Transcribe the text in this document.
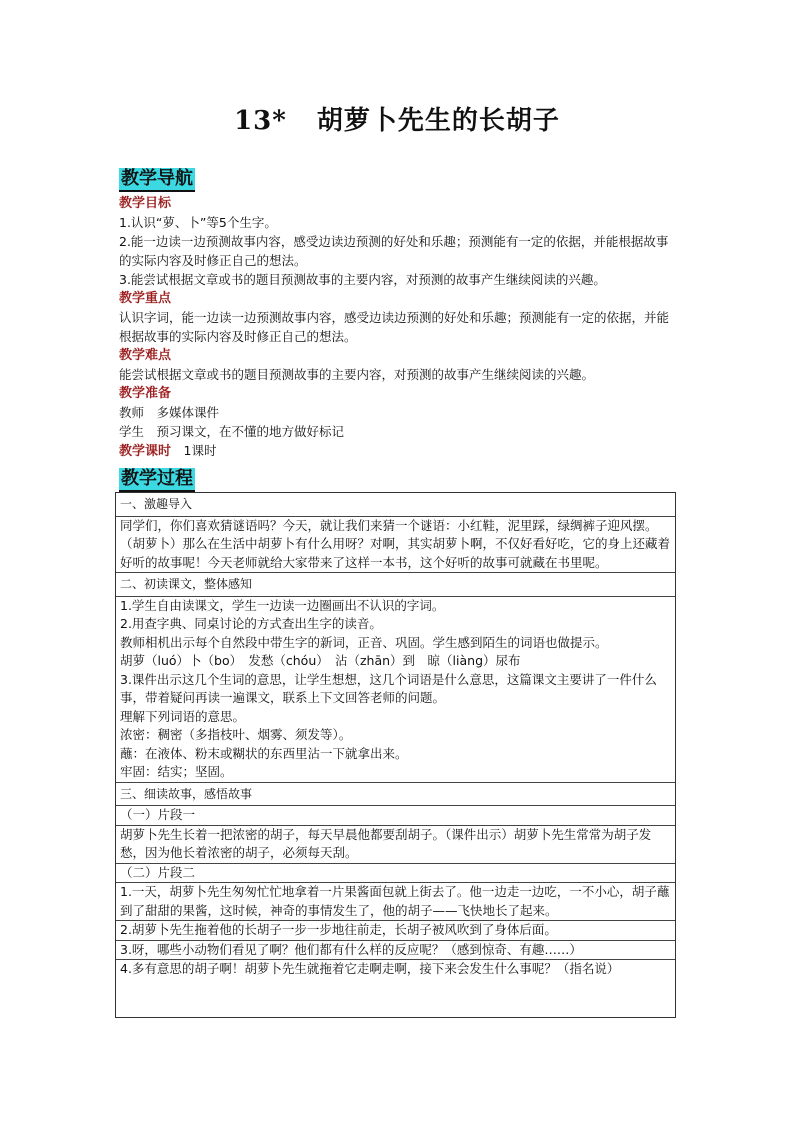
13* 胡萝卜先生的长胡子
教学导航
教学目标

1.认识“萝、卜”等5个生字。

2.能一边读一边预测故事内容，感受边读边预测的好处和乐趣；预测能有一定的依据，并能根据故事的实际内容及时修正自己的想法。

3.能尝试根据文章或书的题目预测故事的主要内容，对预测的故事产生继续阅读的兴趣。

教学重点

认识字词，能一边读一边预测故事内容，感受边读边预测的好处和乐趣；预测能有一定的依据，并能根据故事的实际内容及时修正自己的想法。

教学难点

能尝试根据文章或书的题目预测故事的主要内容，对预测的故事产生继续阅读的兴趣。

教学准备

教师　多媒体课件

学生　预习课文，在不懂的地方做好标记

教学课时　 1课时

教学过程
一、激趣导入

同学们，你们喜欢猜谜语吗？今天，就让我们来猜一个谜语：小红鞋，泥里踩，绿绸裤子迎风摆。（胡萝卜）那么在生活中胡萝卜有什么用呀？对啊，其实胡萝卜啊，不仅好看好吃，它的身上还藏着好听的故事呢！今天老师就给大家带来了这样一本书，这个好听的故事可就藏在书里呢。

二、初读课文，整体感知

1.学生自由读课文，学生一边读一边圈画出不认识的字词。

2.用查字典、同桌讨论的方式查出生字的读音。

教师相机出示每个自然段中带生字的新词，正音、巩固。学生感到陌生的词语也做提示。

胡萝（luó）卜（bo）　发愁（chóu）　沾（zhān）到　晾（liàng）尿布

3.课件出示这几个生词的意思，让学生想想，这几个词语是什么意思，这篇课文主要讲了一件什么事，带着疑问再读一遍课文，联系上下文回答老师的问题。

理解下列词语的意思。

浓密：稠密（多指枝叶、烟雾、须发等）。

蘸：在液体、粉末或糊状的东西里沾一下就拿出来。

牢固：结实；坚固。

三、细读故事，感悟故事
（一）片段一

胡萝卜先生长着一把浓密的胡子，每天早晨他都要刮胡子。（课件出示）胡萝卜先生常常为胡子发愁，因为他长着浓密的胡子，必须每天刮。

（二）片段二
1.一天，胡萝卜先生匆匆忙忙地拿着一片果酱面包就上街去了。他一边走一边吃，一不小心，胡子蘸到了甜甜的果酱，这时候，神奇的事情发生了，他的胡子——飞快地长了起来。
2.胡萝卜先生拖着他的长胡子一步一步地往前走，长胡子被风吹到了身体后面。
3.呀，哪些小动物们看见了啊？他们都有什么样的反应呢？（感到惊奇、有趣……）
4.多有意思的胡子啊！胡萝卜先生就拖着它走啊走啊，接下来会发生什么事呢？（指名说）
